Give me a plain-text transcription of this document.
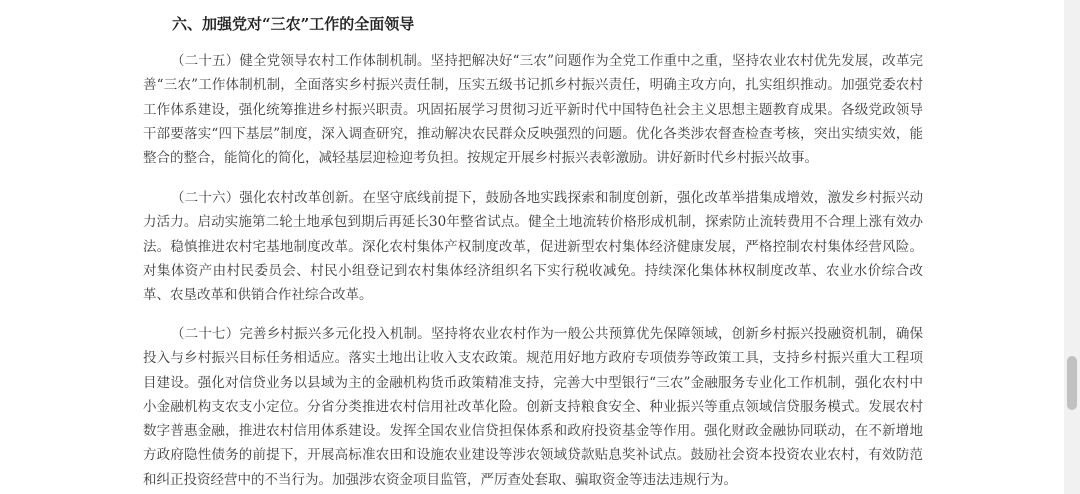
六、加强党对“三农”工作的全面领导

（二十五）健全党领导农村工作体制机制。坚持把解决好“三农”问题作为全党工作重中之重，坚持农业农村优先发展，改革完善“三农”工作体制机制，全面落实乡村振兴责任制，压实五级书记抓乡村振兴责任，明确主攻方向，扎实组织推动。加强党委农村工作体系建设，强化统筹推进乡村振兴职责。巩固拓展学习贯彻习近平新时代中国特色社会主义思想主题教育成果。各级党政领导干部要落实“四下基层”制度，深入调查研究，推动解决农民群众反映强烈的问题。优化各类涉农督查检查考核，突出实绩实效，能整合的整合，能简化的简化，减轻基层迎检迎考负担。按规定开展乡村振兴表彰激励。讲好新时代乡村振兴故事。

（二十六）强化农村改革创新。在坚守底线前提下，鼓励各地实践探索和制度创新，强化改革举措集成增效，激发乡村振兴动力活力。启动实施第二轮土地承包到期后再延长30年整省试点。健全土地流转价格形成机制，探索防止流转费用不合理上涨有效办法。稳慎推进农村宅基地制度改革。深化农村集体产权制度改革，促进新型农村集体经济健康发展，严格控制农村集体经营风险。对集体资产由村民委员会、村民小组登记到农村集体经济组织名下实行税收减免。持续深化集体林权制度改革、农业水价综合改革、农垦改革和供销合作社综合改革。

（二十七）完善乡村振兴多元化投入机制。坚持将农业农村作为一般公共预算优先保障领域，创新乡村振兴投融资机制，确保投入与乡村振兴目标任务相适应。落实土地出让收入支农政策。规范用好地方政府专项债券等政策工具，支持乡村振兴重大工程项目建设。强化对信贷业务以县域为主的金融机构货币政策精准支持，完善大中型银行“三农”金融服务专业化工作机制，强化农村中小金融机构支农支小定位。分省分类推进农村信用社改革化险。创新支持粮食安全、种业振兴等重点领域信贷服务模式。发展农村数字普惠金融，推进农村信用体系建设。发挥全国农业信贷担保体系和政府投资基金等作用。强化财政金融协同联动，在不新增地方政府隐性债务的前提下，开展高标准农田和设施农业建设等涉农领域贷款贴息奖补试点。鼓励社会资本投资农业农村，有效防范和纠正投资经营中的不当行为。加强涉农资金项目监管，严厉查处套取、骗取资金等违法违规行为。
